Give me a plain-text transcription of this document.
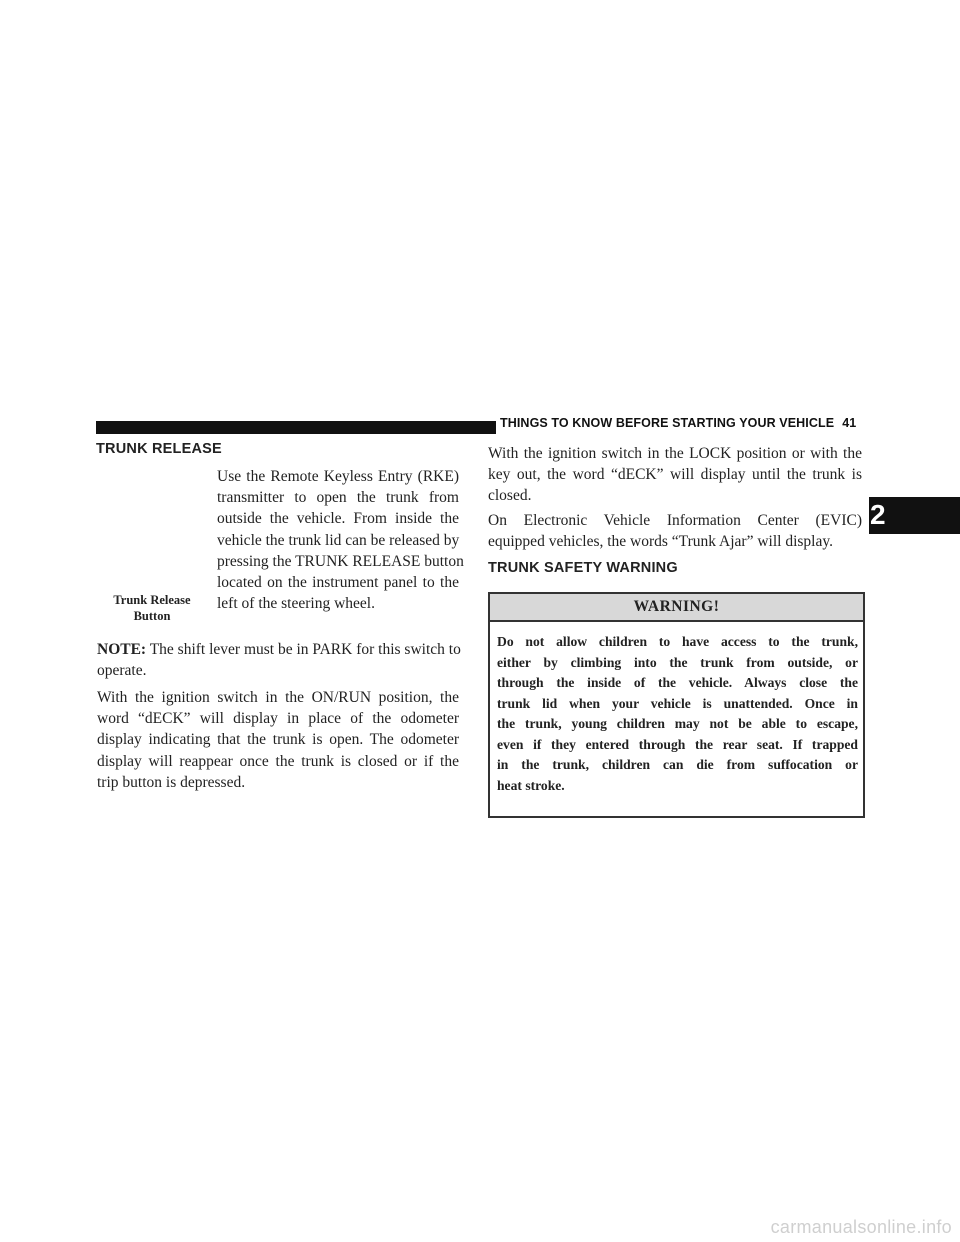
THINGS TO KNOW BEFORE STARTING YOUR VEHICLE 41
2
TRUNK RELEASE
Use the Remote Keyless Entry (RKE)
transmitter to open the trunk from
outside the vehicle. From inside the
vehicle the trunk lid can be released by
pressing the TRUNK RELEASE button
located on the instrument panel to the
left of the steering wheel.
Trunk Release
Button
NOTE: The shift lever must be in PARK for this switch to
operate.
With the ignition switch in the ON/RUN position, the
word “dECK” will display in place of the odometer
display indicating that the trunk is open. The odometer
display will reappear once the trunk is closed or if the
trip button is depressed.
With the ignition switch in the LOCK position or with the
key out, the word “dECK” will display until the trunk is
closed.
On Electronic Vehicle Information Center (EVIC)
equipped vehicles, the words “Trunk Ajar” will display.
TRUNK SAFETY WARNING
WARNING!
Do not allow children to have access to the trunk,
either by climbing into the trunk from outside, or
through the inside of the vehicle. Always close the
trunk lid when your vehicle is unattended. Once in
the trunk, young children may not be able to escape,
even if they entered through the rear seat. If trapped
in the trunk, children can die from suffocation or
heat stroke.
carmanualsonline.info
